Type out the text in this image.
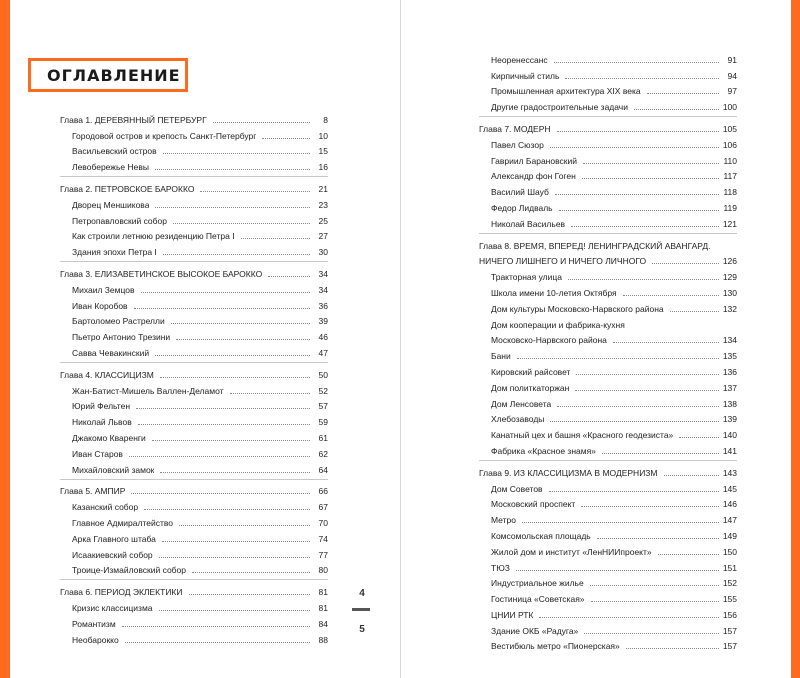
ОГЛАВЛЕНИЕ
Глава 1. ДЕРЕВЯННЫЙ ПЕТЕРБУРГ	8
Городовой остров и крепость Санкт-Петербург	10
Васильевский остров	15
Левобережье Невы	16
Глава 2. ПЕТРОВСКОЕ БАРОККО	21
Дворец Меншикова	23
Петропавловский собор	25
Как строили летнюю резиденцию Петра I	27
Здания эпохи Петра I	30
Глава 3. ЕЛИЗАВЕТИНСКОЕ ВЫСОКОЕ БАРОККО	34
Михаил Земцов	34
Иван Коробов	36
Бартоломео Растрелли	39
Пьетро Антонио Трезини	46
Савва Чевакинский	47
Глава 4. КЛАССИЦИЗМ	50
Жан-Батист-Мишель Валлен-Деламот	52
Юрий Фельтен	57
Николай Львов	59
Джакомо Кваренги	61
Иван Старов	62
Михайловский замок	64
Глава 5. АМПИР	66
Казанский собор	67
Главное Адмиралтейство	70
Арка Главного штаба	74
Исаакиевский собор	77
Троице-Измайловский собор	80
Глава 6. ПЕРИОД ЭКЛЕКТИКИ	81
Кризис классицизма	81
Романтизм	84
Необарокко	88
Неоренессанс	91
Кирпичный стиль	94
Промышленная архитектура XIX века	97
Другие градостроительные задачи	100
Глава 7. МОДЕРН	105
Павел Сюзор	106
Гавриил Барановский	110
Александр фон Гоген	117
Василий Шауб	118
Федор Лидваль	119
Николай Васильев	121
Глава 8. ВРЕМЯ, ВПЕРЕД! ЛЕНИНГРАДСКИЙ АВАНГАРД.
НИЧЕГО ЛИШНЕГО И НИЧЕГО ЛИЧНОГО	126
Тракторная улица	129
Школа имени 10-летия Октября	130
Дом культуры Московско-Нарвского района	132
Дом кооперации и фабрика-кухня
Московско-Нарвского района	134
Бани	135
Кировский райсовет	136
Дом политкаторжан	137
Дом Ленсовета	138
Хлебозаводы	139
Канатный цех и башня «Красного геодезиста»	140
Фабрика «Красное знамя»	141
Глава 9. ИЗ КЛАССИЦИЗМА В МОДЕРНИЗМ	143
Дом Советов	145
Московский проспект	146
Метро	147
Комсомольская площадь	149
Жилой дом и институт «ЛенНИИпроект»	150
ТЮЗ	151
Индустриальное жилье	152
Гостиница «Советская»	155
ЦНИИ РТК	156
Здание ОКБ «Радуга»	157
Вестибюль метро «Пионерская»	157
4
5
